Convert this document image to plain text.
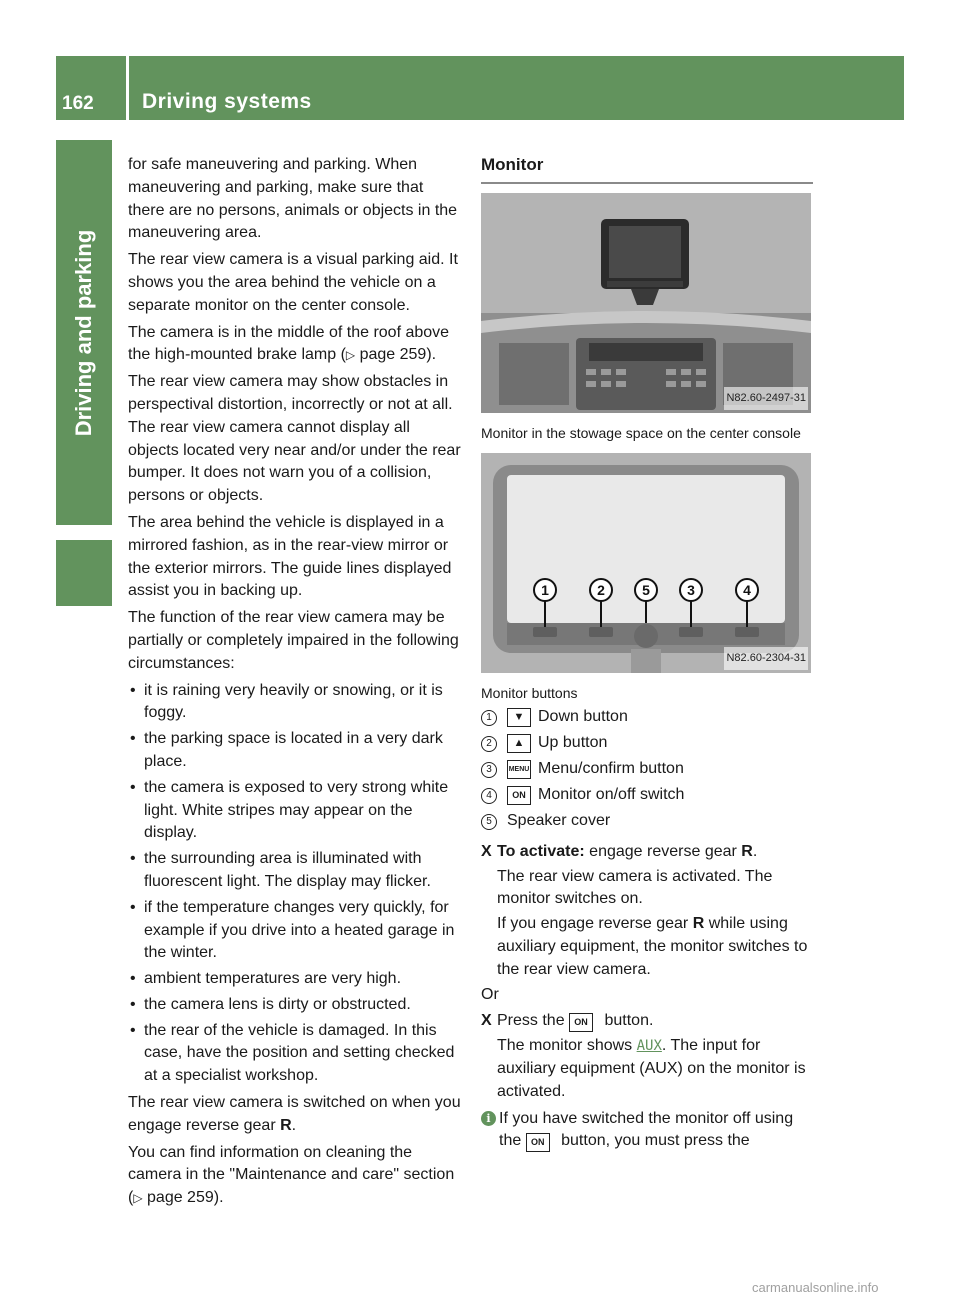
162 Driving systems
Driving and parking

for safe maneuvering and parking. When maneuvering and parking, make sure that there are no persons, animals or objects in the maneuvering area.

The rear view camera is a visual parking aid. It shows you the area behind the vehicle on a separate monitor on the center console.

The camera is in the middle of the roof above the high-mounted brake lamp (▷ page 259).

The rear view camera may show obstacles in perspectival distortion, incorrectly or not at all. The rear view camera cannot display all objects located very near and/or under the rear bumper. It does not warn you of a collision, persons or objects.

The area behind the vehicle is displayed in a mirrored fashion, as in the rear-view mirror or the exterior mirrors. The guide lines displayed assist you in backing up.

The function of the rear view camera may be partially or completely impaired in the following circumstances:

• it is raining very heavily or snowing, or it is foggy.
• the parking space is located in a very dark place.
• the camera is exposed to very strong white light. White stripes may appear on the display.
• the surrounding area is illuminated with fluorescent light. The display may flicker.
• if the temperature changes very quickly, for example if you drive into a heated garage in the winter.
• ambient temperatures are very high.
• the camera lens is dirty or obstructed.
• the rear of the vehicle is damaged. In this case, have the position and setting checked at a specialist workshop.

The rear view camera is switched on when you engage reverse gear R.

You can find information on cleaning the camera in the "Maintenance and care" section (▷ page 259).

Monitor
N82.60-2497-31

Monitor in the stowage space on the center console

1	2	5	3	4
N82.60-2304-31

Monitor buttons

1	▼ Down button
2	▲ Up button
3	MENU Menu/confirm button
4	ON Monitor on/off switch
5 Speaker cover
X To activate: engage reverse gear R.
The rear view camera is activated. The monitor switches on.
If you engage reverse gear R while using auxiliary equipment, the monitor switches to the rear view camera.

Or

X Press the ON button.
The monitor shows AUX. The input for auxiliary equipment (AUX) on the monitor is activated.
i If you have switched the monitor off using the ON button, you must press the
carmanualsonline.info
